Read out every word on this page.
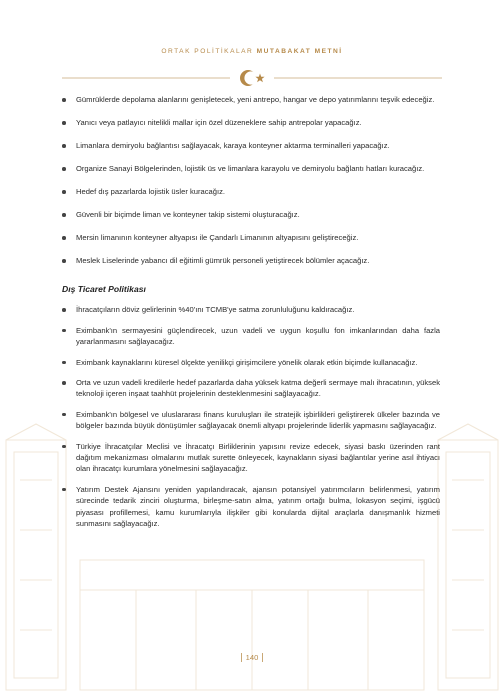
ORTAK POLİTİKALAR MUTABAKAT METNİ
Gümrüklerde depolama alanlarını genişletecek, yeni antrepo, hangar ve depo yatırımlarını teşvik edeceğiz.
Yanıcı veya patlayıcı nitelikli mallar için özel düzeneklere sahip antrepolar yapacağız.
Limanlara demiryolu bağlantısı sağlayacak, karaya konteyner aktarma terminalleri yapacağız.
Organize Sanayi Bölgelerinden, lojistik üs ve limanlara karayolu ve demiryolu bağlantı hatları kuracağız.
Hedef dış pazarlarda lojistik üsler kuracağız.
Güvenli bir biçimde liman ve konteyner takip sistemi oluşturacağız.
Mersin limanının konteyner altyapısı ile Çandarlı Limanının altyapısını geliştireceğiz.
Meslek Liselerinde yabancı dil eğitimli gümrük personeli yetiştirecek bölümler açacağız.
Dış Ticaret Politikası
İhracatçıların döviz gelirlerinin %40'ını TCMB'ye satma zorunluluğunu kaldıracağız.
Eximbank'ın sermayesini güçlendirecek, uzun vadeli ve uygun koşullu fon imkanlarından daha fazla yararlanmasını sağlayacağız.
Eximbank kaynaklarını küresel ölçekte yenilikçi girişimcilere yönelik olarak etkin biçimde kullanacağız.
Orta ve uzun vadeli kredilerle hedef pazarlarda daha yüksek katma değerli sermaye malı ihracatının, yüksek teknoloji içeren inşaat taahhüt projelerinin desteklenmesini sağlayacağız.
Eximbank'ın bölgesel ve uluslararası finans kuruluşları ile stratejik işbirlikleri geliştirerek ülkeler bazında ve bölgeler bazında büyük dönüşümler sağlayacak önemli altyapı projelerinde liderlik yapmasını sağlayacağız.
Türkiye İhracatçılar Meclisi ve İhracatçı Birliklerinin yapısını revize edecek, siyasi baskı üzerinden rant dağıtım mekanizması olmalarını mutlak surette önleyecek, kaynakların siyasi bağlantılar yerine asıl ihtiyacı olan ihracatçı kurumlara yönelmesini sağlayacağız.
Yatırım Destek Ajansını yeniden yapılandıracak, ajansın potansiyel yatırımcıların belirlenmesi, yatırım sürecinde tedarik zinciri oluşturma, birleşme-satın alma, yatırım ortağı bulma, lokasyon seçimi, işgücü piyasası profillemesi, kamu kurumlarıyla ilişkiler gibi konularda dijital araçlarla danışmanlık hizmeti sunmasını sağlayacağız.
140
